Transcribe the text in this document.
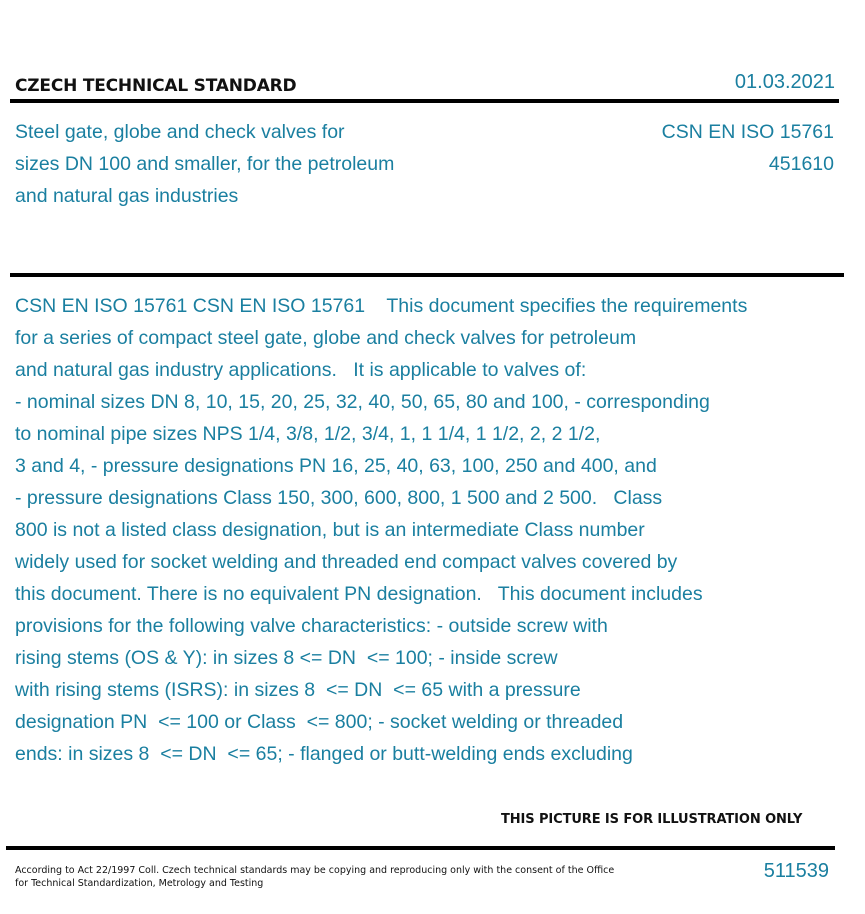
CZECH TECHNICAL STANDARD	01.03.2021
Steel gate, globe and check valves for
sizes DN 100 and smaller, for the petroleum
and natural gas industries
CSN EN ISO 15761
451610
CSN EN ISO 15761 CSN EN ISO 15761    This document specifies the requirements
for a series of compact steel gate, globe and check valves for petroleum
and natural gas industry applications.   It is applicable to valves of:
- nominal sizes DN 8, 10, 15, 20, 25, 32, 40, 50, 65, 80 and 100, - corresponding
to nominal pipe sizes NPS 1/4, 3/8, 1/2, 3/4, 1, 1 1/4, 1 1/2, 2, 2 1/2,
3 and 4, - pressure designations PN 16, 25, 40, 63, 100, 250 and 400, and
- pressure designations Class 150, 300, 600, 800, 1 500 and 2 500.   Class
800 is not a listed class designation, but is an intermediate Class number
widely used for socket welding and threaded end compact valves covered by
this document. There is no equivalent PN designation.   This document includes
provisions for the following valve characteristics: - outside screw with
rising stems (OS & Y): in sizes 8 <= DN  <= 100; - inside screw
with rising stems (ISRS): in sizes 8  <= DN  <= 65 with a pressure
designation PN  <= 100 or Class  <= 800; - socket welding or threaded
ends: in sizes 8  <= DN  <= 65; - flanged or butt-welding ends excluding
THIS PICTURE IS FOR ILLUSTRATION ONLY
According to Act 22/1997 Coll. Czech technical standards may be copying and reproducing only with the consent of the Office
for Technical Standardization, Metrology and Testing
511539
